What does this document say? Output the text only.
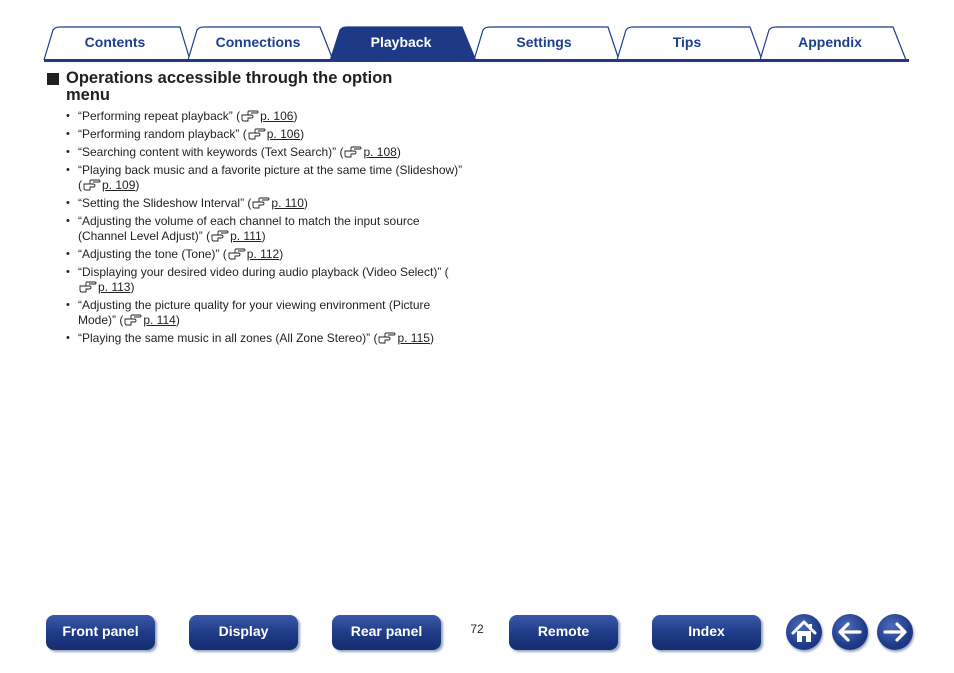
Contents	Connections	Playback	Settings	Tips	Appendix
Operations accessible through the option
menu
• “Performing repeat playback” ( p. 106)
• “Performing random playback” ( p. 106)
• “Searching content with keywords (Text Search)” ( p. 108)
• “Playing back music and a favorite picture at the same time (Slideshow)” ( p. 109)
• “Setting the Slideshow Interval” ( p. 110)
• “Adjusting the volume of each channel to match the input source (Channel Level Adjust)” ( p. 111)
• “Adjusting the tone (Tone)” ( p. 112)
• “Displaying your desired video during audio playback (Video Select)” (p. 113)
• “Adjusting the picture quality for your viewing environment (Picture Mode)” ( p. 114)
• “Playing the same music in all zones (All Zone Stereo)” ( p. 115)
Front panel	Display	Rear panel	72	Remote	Index
